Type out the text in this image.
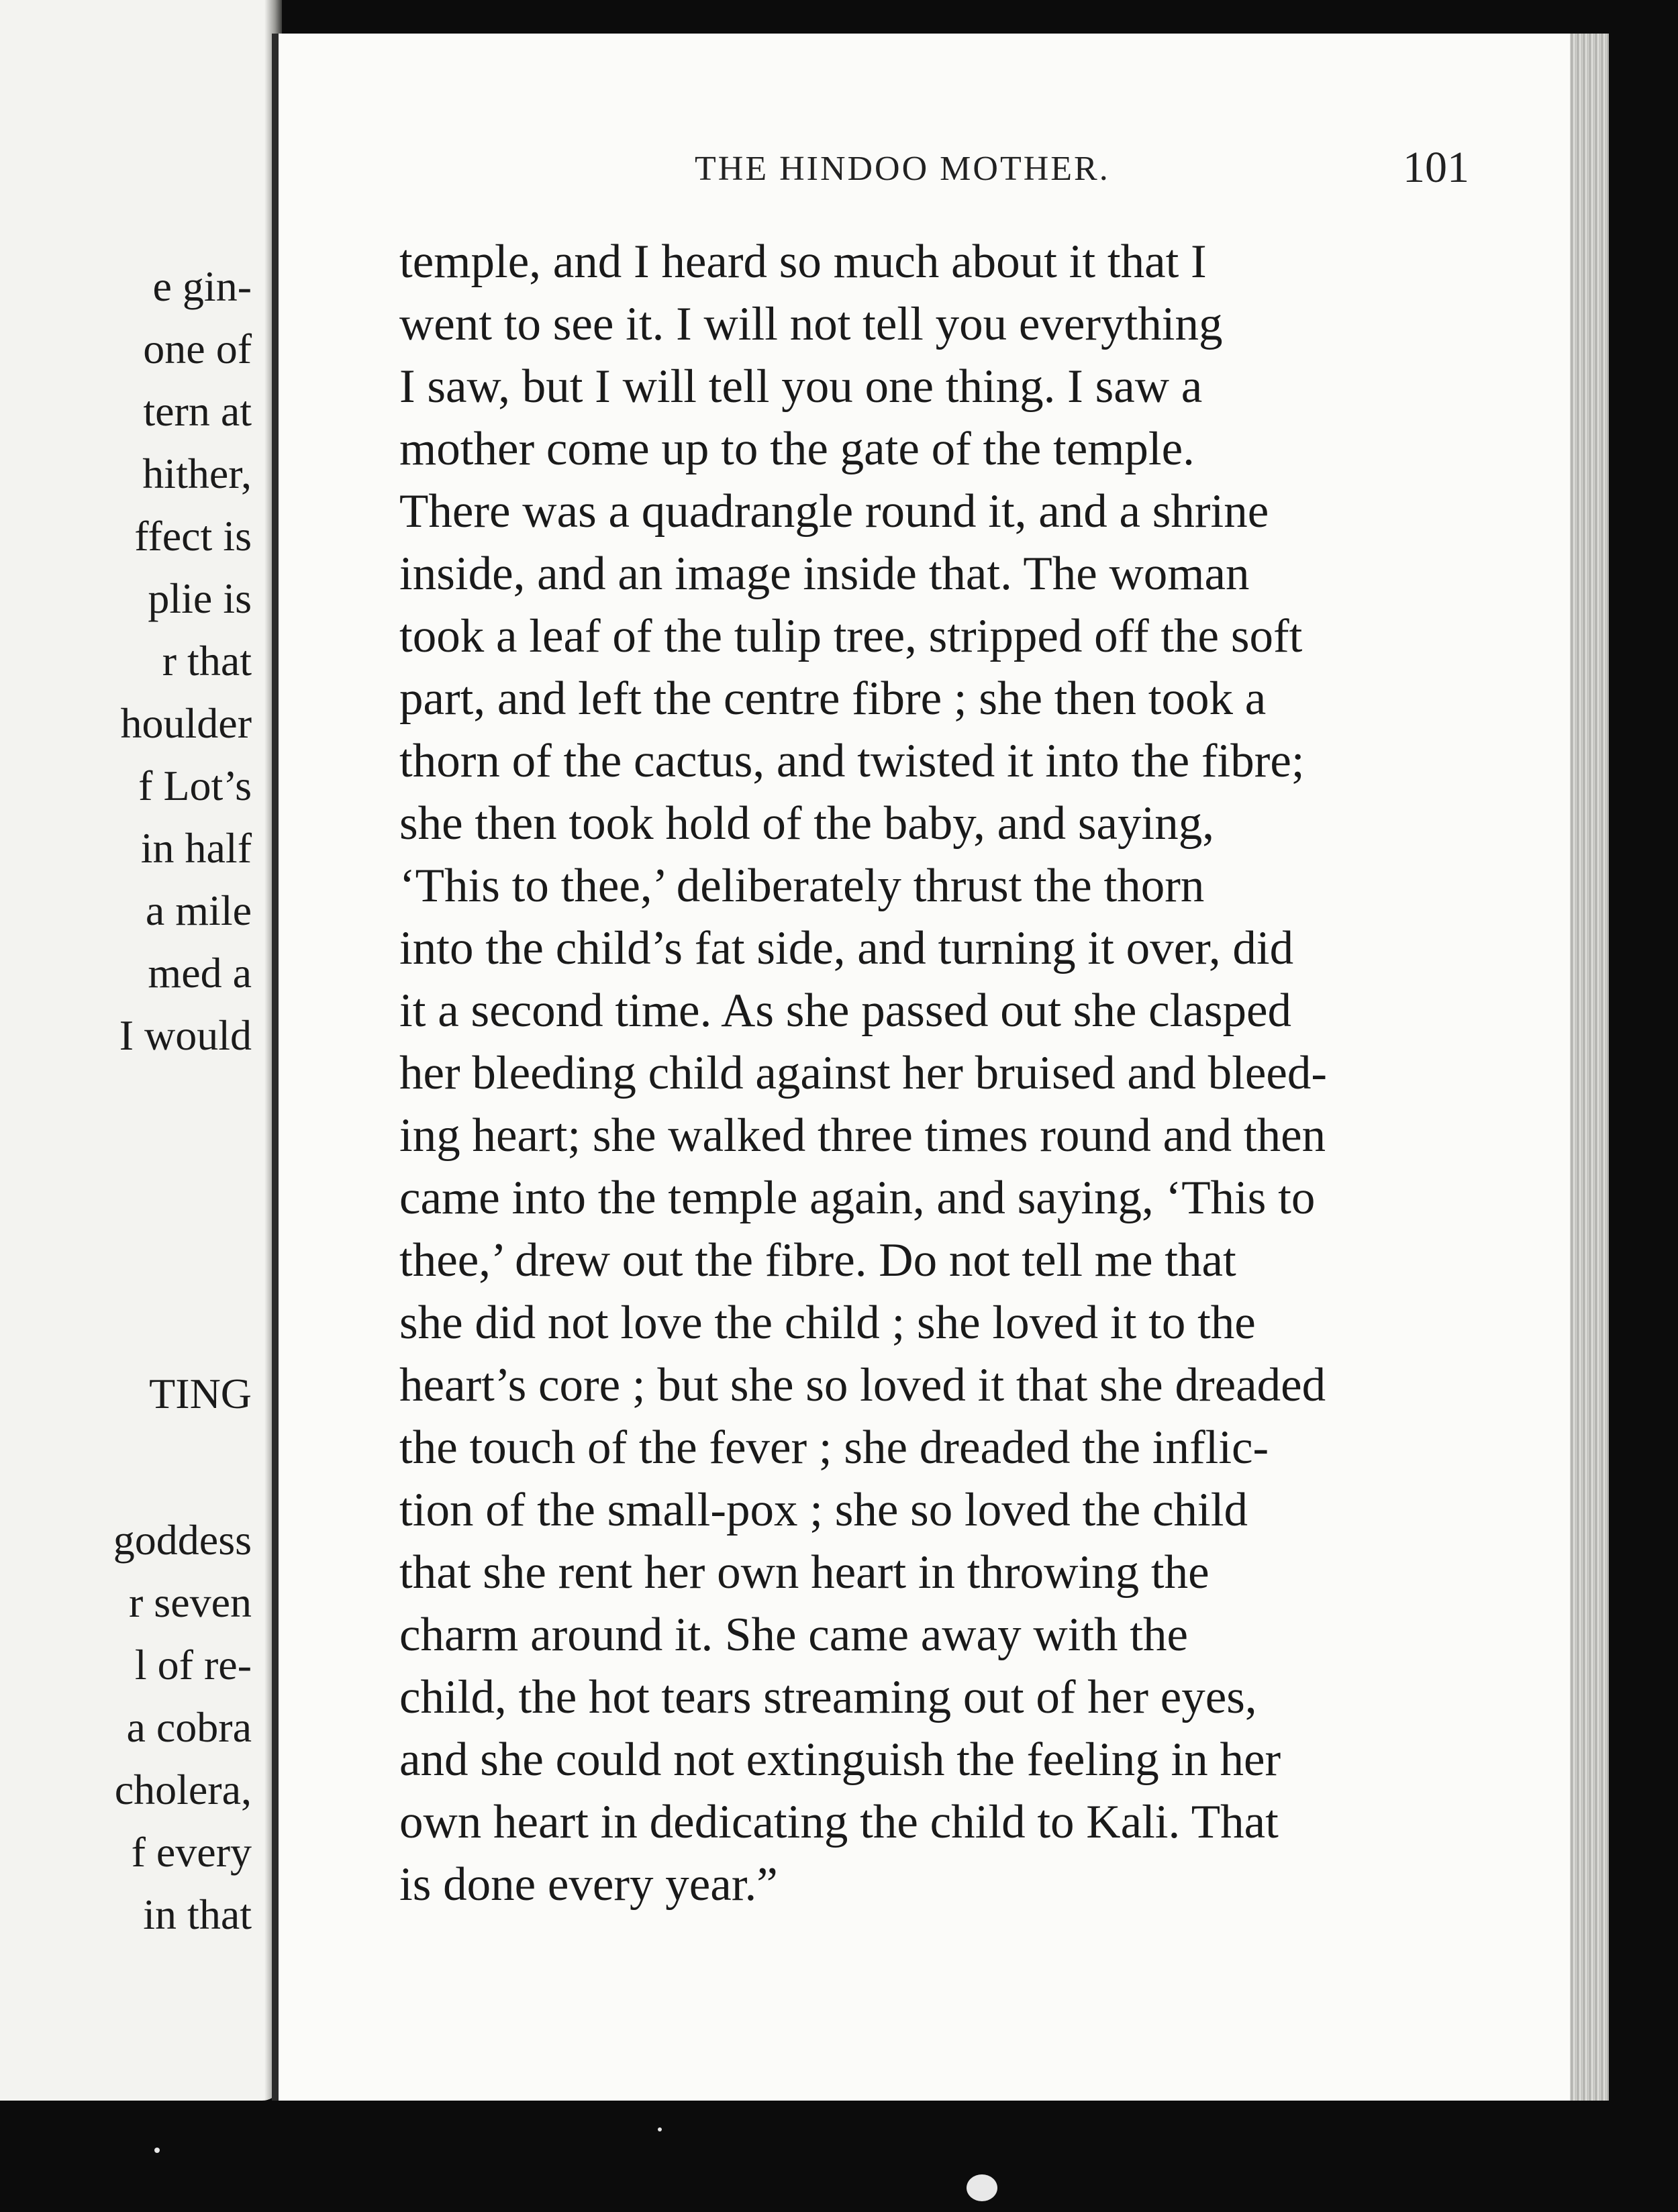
e gin-
one of
tern at
hither,
ffect is
plie is
r that
houlder
f Lot’s
in half
a mile
med a
I would
TING
goddess
r seven
l of re-
a cobra
cholera,
f every
in that
THE HINDOO MOTHER.	101
temple, and I heard so much about it that I
went to see it. I will not tell you everything
I saw, but I will tell you one thing. I saw a
mother come up to the gate of the temple.
There was a quadrangle round it, and a shrine
inside, and an image inside that. The woman
took a leaf of the tulip tree, stripped off the soft
part, and left the centre fibre ; she then took a
thorn of the cactus, and twisted it into the fibre;
she then took hold of the baby, and saying,
‘This to thee,’ deliberately thrust the thorn
into the child’s fat side, and turning it over, did
it a second time. As she passed out she clasped
her bleeding child against her bruised and bleed-
ing heart; she walked three times round and then
came into the temple again, and saying, ‘This to
thee,’ drew out the fibre. Do not tell me that
she did not love the child ; she loved it to the
heart’s core ; but she so loved it that she dreaded
the touch of the fever ; she dreaded the inflic-
tion of the small-pox ; she so loved the child
that she rent her own heart in throwing the
charm around it. She came away with the
child, the hot tears streaming out of her eyes,
and she could not extinguish the feeling in her
own heart in dedicating the child to Kali. That
is done every year.”
